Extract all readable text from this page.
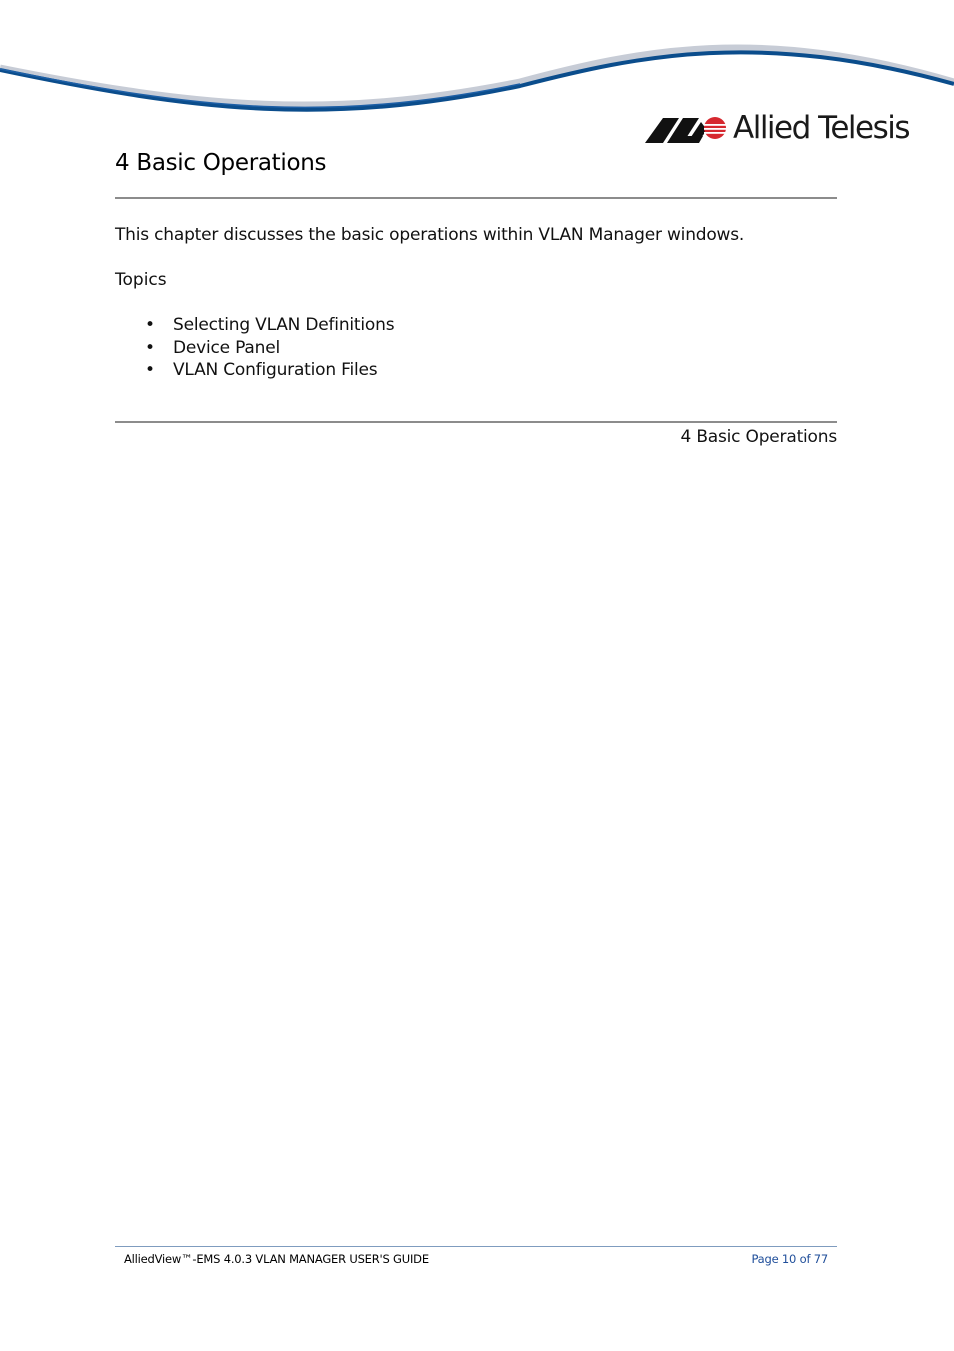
Allied Telesis
4 Basic Operations

This chapter discusses the basic operations within VLAN Manager windows.

Topics

• Selecting VLAN Definitions
• Device Panel
• VLAN Configuration Files

4 Basic Operations

AlliedView™-EMS 4.0.3 VLAN MANAGER USER'S GUIDE	Page 10 of 77
